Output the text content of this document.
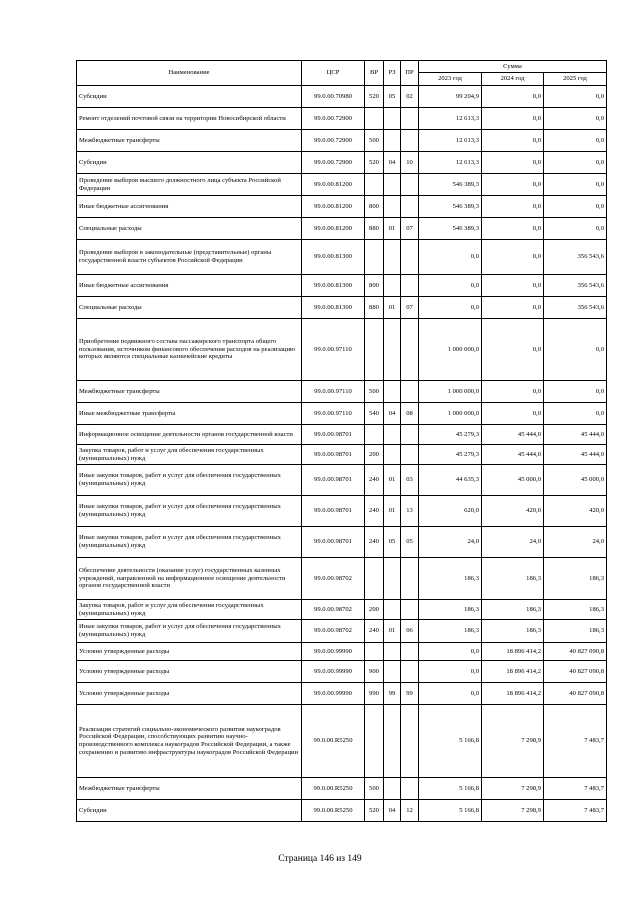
Наименование	ЦСР	ВР	РЗ	ПР	Сумма		
					2023 год	2024 год	2025 год
Субсидии	99.0.00.70980	520	05	02	99 204,9	0,0	0,0
Ремонт отделений почтовой связи на территории Новосибирской области	99.0.00.72900				12 613,3	0,0	0,0
Межбюджетные трансферты	99.0.00.72900	500			12 613,3	0,0	0,0
Субсидии	99.0.00.72900	520	04	10	12 613,3	0,0	0,0
Проведение выборов высшего должностного лица субъекта Российской Федерации	99.0.00.81200				546 389,3	0,0	0,0
Иные бюджетные ассигнования	99.0.00.81200	800			546 389,3	0,0	0,0
Специальные расходы	99.0.00.81200	880	01	07	546 389,3	0,0	0,0
Проведение выборов в законодательные (представительные) органы государственной власти субъектов Российской Федерации	99.0.00.81300				0,0	0,0	356 543,6
Иные бюджетные ассигнования	99.0.00.81300	800			0,0	0,0	356 543,6
Специальные расходы	99.0.00.81300	880	01	07	0,0	0,0	356 543,6
Приобретение подвижного состава пассажирского транспорта общего пользования, источником финансового обеспечения расходов на реализацию которых являются специальные казначейские кредиты	99.0.00.97110				1 000 000,0	0,0	0,0
Межбюджетные трансферты	99.0.00.97110	500			1 000 000,0	0,0	0,0
Иные межбюджетные трансферты	99.0.00.97110	540	04	08	1 000 000,0	0,0	0,0
Информационное освещение деятельности органов государственной власти	99.0.00.98701				45 279,3	45 444,0	45 444,0
Закупка товаров, работ и услуг для обеспечения государственных (муниципальных) нужд	99.0.00.98701	200			45 279,3	45 444,0	45 444,0
Иные закупки товаров, работ и услуг для обеспечения государственных (муниципальных) нужд	99.0.00.98701	240	01	03	44 635,3	45 000,0	45 000,0
Иные закупки товаров, работ и услуг для обеспечения государственных (муниципальных) нужд	99.0.00.98701	240	01	13	620,0	420,0	420,0
Иные закупки товаров, работ и услуг для обеспечения государственных (муниципальных) нужд	99.0.00.98701	240	05	05	24,0	24,0	24,0
Обеспечение деятельности (оказание услуг) государственных казенных учреждений, направленной на информационное освещение деятельности органов государственной власти	99.0.00.98702				186,3	186,3	186,3
Закупка товаров, работ и услуг для обеспечения государственных (муниципальных) нужд	99.0.00.98702	200			186,3	186,3	186,3
Иные закупки товаров, работ и услуг для обеспечения государственных (муниципальных) нужд	99.0.00.98702	240	01	06	186,3	186,3	186,3
Условно утвержденные расходы	99.0.00.99990				0,0	18 896 414,2	40 827 090,8
Условно утвержденные расходы	99.0.00.99990	900			0,0	18 896 414,2	40 827 090,8
Условно утвержденные расходы	99.0.00.99990	990	99	99	0,0	18 896 414,2	40 827 090,8
Реализация стратегий социально-экономического развития наукоградов Российской Федерации, способствующих развитию научно-производственного комплекса наукоградов Российской Федерации, а также сохранению и развитию инфраструктуры наукоградов Российской Федерации	99.0.00.R5250				5 166,8	7 298,9	7 483,7
Межбюджетные трансферты	99.0.00.R5250	500			5 166,8	7 298,9	7 483,7
Субсидии	99.0.00.R5250	520	04	12	5 166,8	7 298,9	7 483,7
Страница 146 из 149
